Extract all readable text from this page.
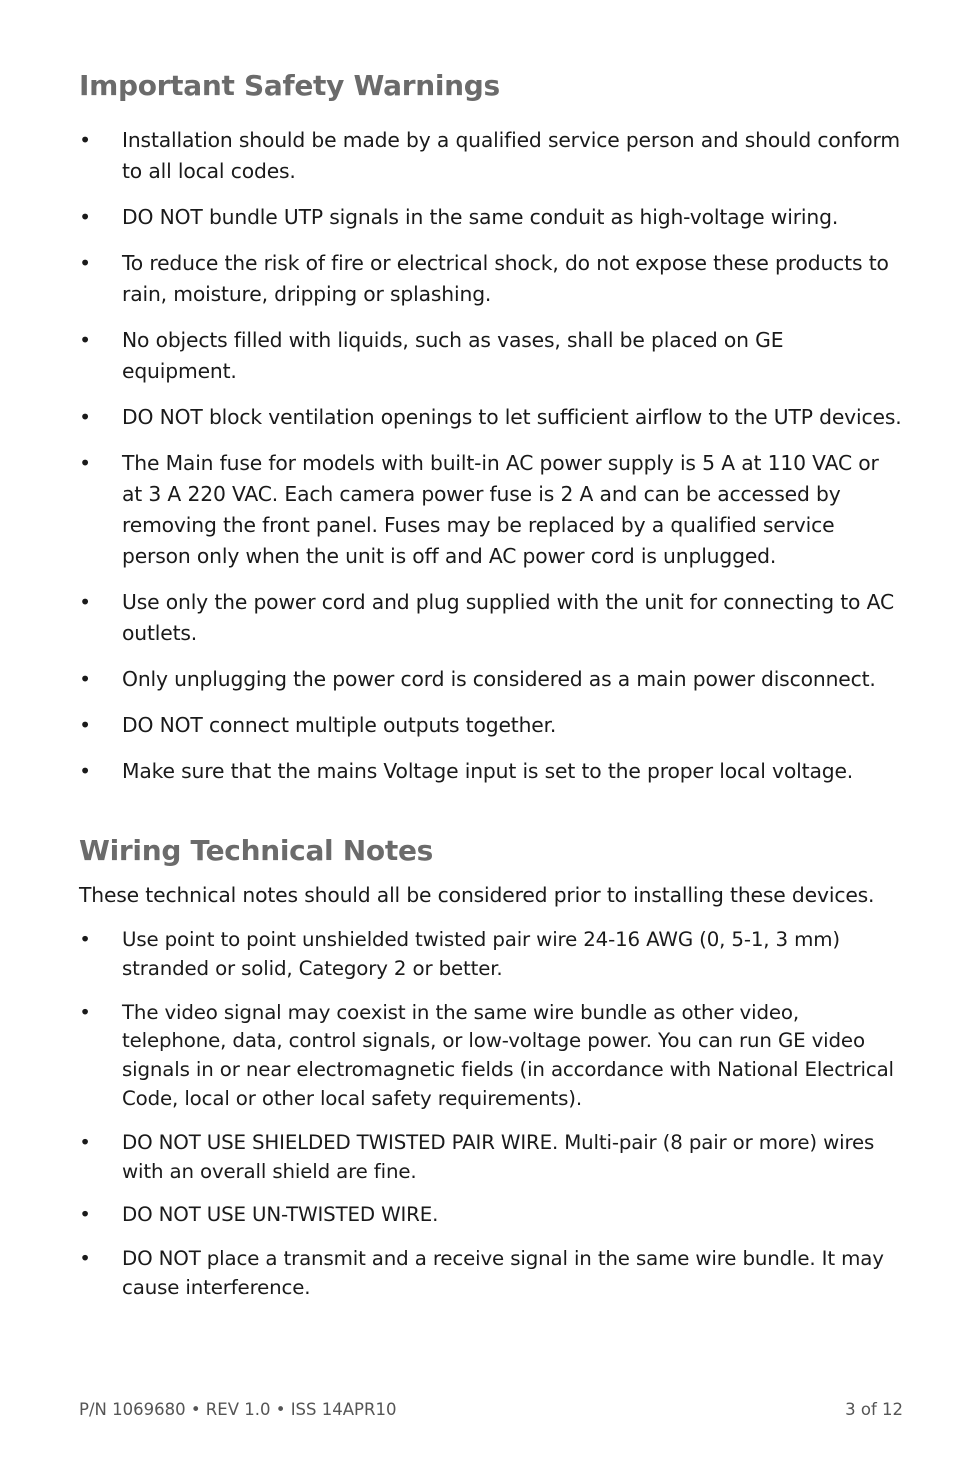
Important Safety Warnings
• Installation should be made by a qualified service person and should conform to all local codes.
• DO NOT bundle UTP signals in the same conduit as high-voltage wiring.
• To reduce the risk of fire or electrical shock, do not expose these products to rain, moisture, dripping or splashing.
• No objects filled with liquids, such as vases, shall be placed on GE equipment.
• DO NOT block ventilation openings to let sufficient airflow to the UTP devices.
• The Main fuse for models with built-in AC power supply is 5 A at 110 VAC or at 3 A 220 VAC. Each camera power fuse is 2 A and can be accessed by removing the front panel. Fuses may be replaced by a qualified service person only when the unit is off and AC power cord is unplugged.
• Use only the power cord and plug supplied with the unit for connecting to AC outlets.
• Only unplugging the power cord is considered as a main power disconnect.
• DO NOT connect multiple outputs together.
• Make sure that the mains Voltage input is set to the proper local voltage.
Wiring Technical Notes

These technical notes should all be considered prior to installing these devices.

• Use point to point unshielded twisted pair wire 24-16 AWG (0, 5-1, 3 mm) stranded or solid, Category 2 or better.
• The video signal may coexist in the same wire bundle as other video, telephone, data, control signals, or low-voltage power. You can run GE video signals in or near electromagnetic fields (in accordance with National Electrical Code, local or other local safety requirements).
• DO NOT USE SHIELDED TWISTED PAIR WIRE. Multi-pair (8 pair or more) wires with an overall shield are fine.
• DO NOT USE UN-TWISTED WIRE.
• DO NOT place a transmit and a receive signal in the same wire bundle. It may cause interference.
P/N 1069680 • REV 1.0 • ISS 14APR10	3 of 12
